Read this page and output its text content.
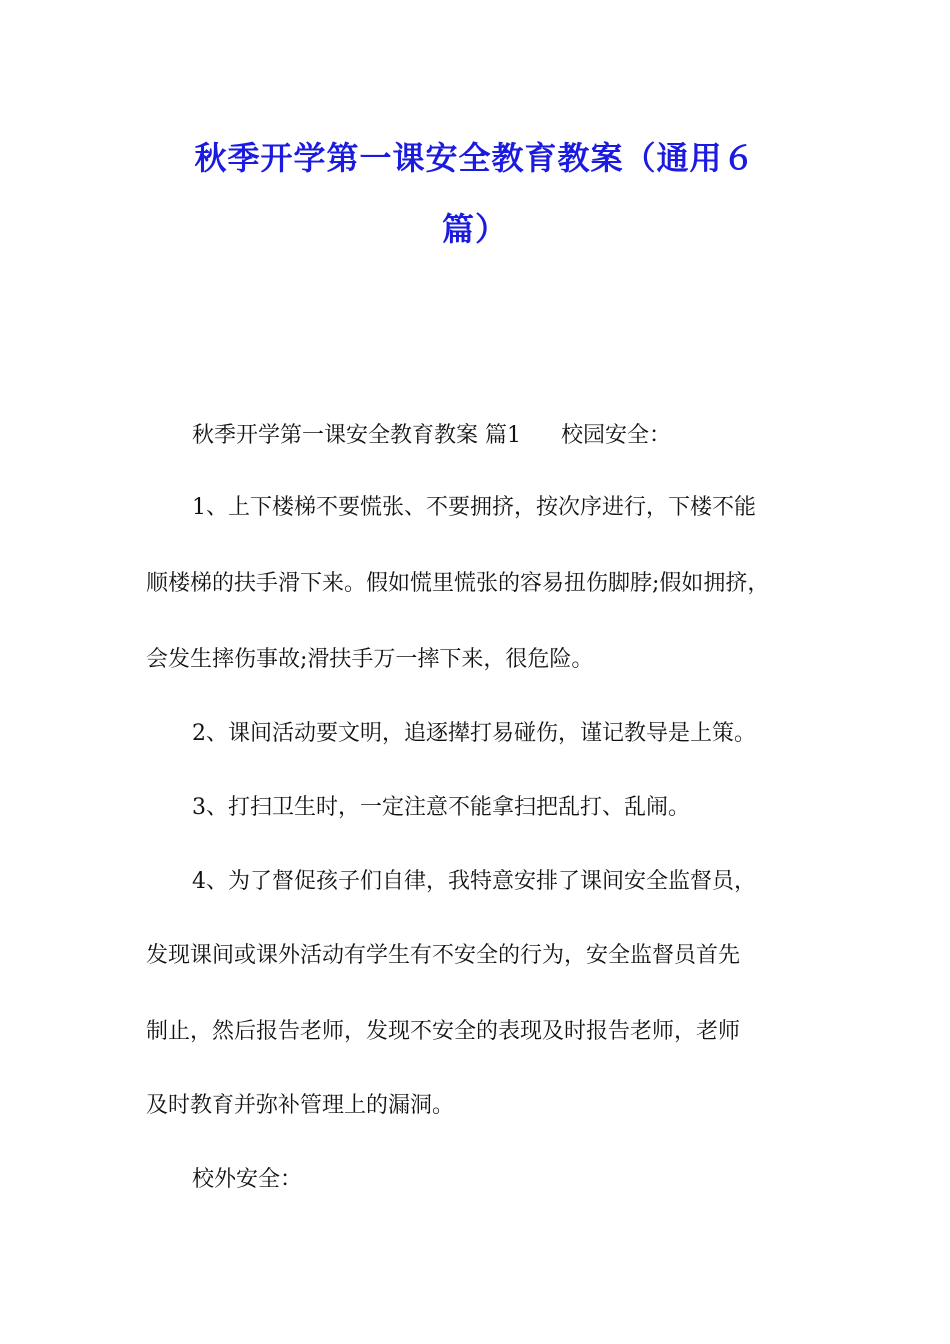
秋季开学第一课安全教育教案（通用６
篇）

秋季开学第一课安全教育教案 篇1 校园安全：

1、上下楼梯不要慌张、不要拥挤，按次序进行，下楼不能

顺楼梯的扶手滑下来。假如慌里慌张的容易扭伤脚脖;假如拥挤，

会发生摔伤事故;滑扶手万一摔下来，很危险。

2、课间活动要文明，追逐撵打易碰伤，谨记教导是上策。

3、打扫卫生时，一定注意不能拿扫把乱打、乱闹。

4、为了督促孩子们自律，我特意安排了课间安全监督员，

发现课间或课外活动有学生有不安全的行为，安全监督员首先

制止，然后报告老师，发现不安全的表现及时报告老师，老师

及时教育并弥补管理上的漏洞。

校外安全：
